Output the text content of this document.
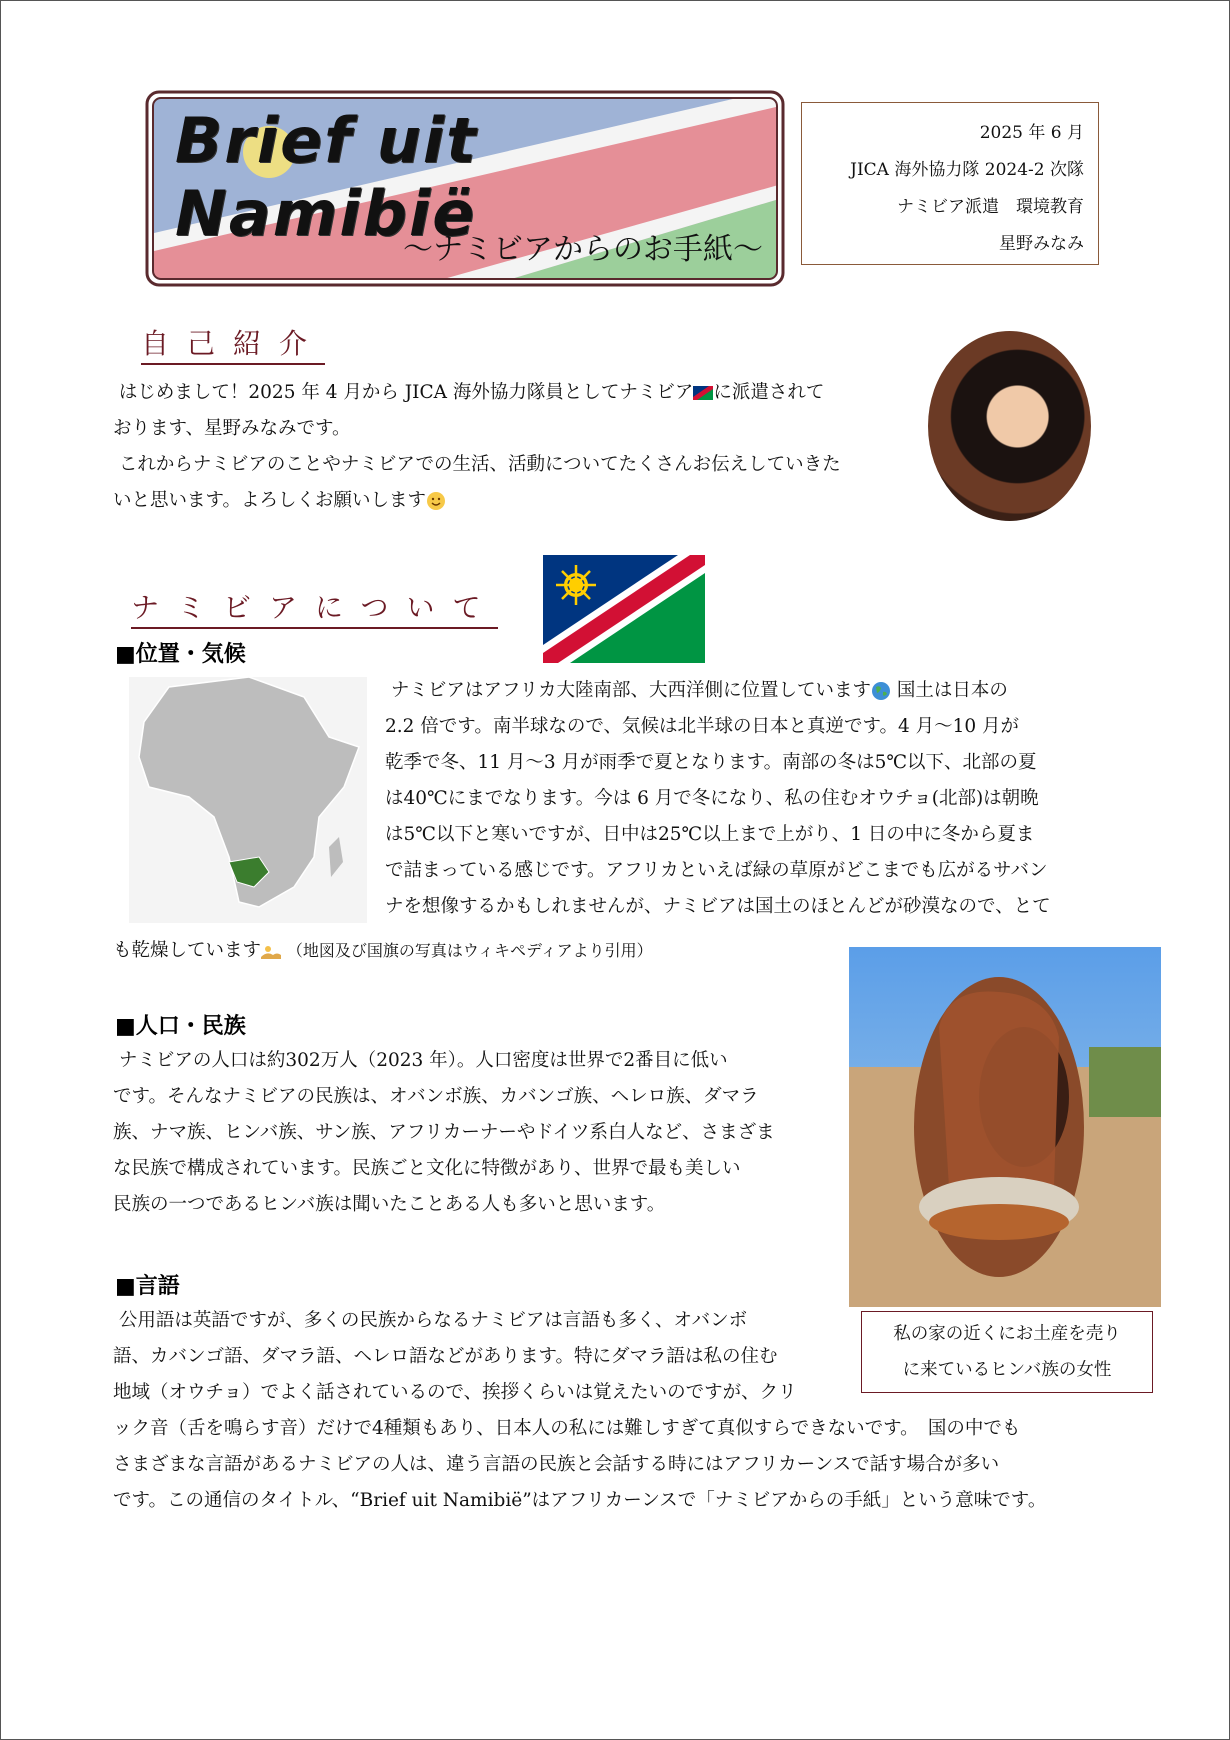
Brief uit Namibië
～ナミビアからのお手紙～
2025 年 6 月
JICA 海外協力隊 2024-2 次隊
ナミビア派遣　環境教育
星野みなみ
自己紹介
はじめまして！2025 年 4 月から JICA 海外協力隊員としてナミビア に派遣されて
おります、星野みなみです。
これからナミビアのことやナミビアでの生活、活動についてたくさんお伝えしていきた
いと思います。よろしくお願いします
ナミビアについて
■位置・気候
ナミビアはアフリカ大陸南部、大西洋側に位置しています 国土は日本の
2.2 倍です。南半球なので、気候は北半球の日本と真逆です。4 月～10 月が
乾季で冬、11 月～3 月が雨季で夏となります。南部の冬は5℃以下、北部の夏
は40℃にまでなります。今は 6 月で冬になり、私の住むオウチョ(北部)は朝晩
は5℃以下と寒いですが、日中は25℃以上まで上がり、1 日の中に冬から夏ま
で詰まっている感じです。アフリカといえば緑の草原がどこまでも広がるサバン
ナを想像するかもしれませんが、ナミビアは国土のほとんどが砂漠なので、とて
も乾燥しています （地図及び国旗の写真はウィキペディアより引用）
私の家の近くにお土産を売り
に来ているヒンバ族の女性
■人口・民族
ナミビアの人口は約302万人（2023 年）。人口密度は世界で2番目に低い
です。そんなナミビアの民族は、オバンボ族、カバンゴ族、ヘレロ族、ダマラ
族、ナマ族、ヒンバ族、サン族、アフリカーナーやドイツ系白人など、さまざま
な民族で構成されています。民族ごと文化に特徴があり、世界で最も美しい
民族の一つであるヒンバ族は聞いたことある人も多いと思います。
■言語
公用語は英語ですが、多くの民族からなるナミビアは言語も多く、オバンボ
語、カバンゴ語、ダマラ語、ヘレロ語などがあります。特にダマラ語は私の住む
地域（オウチョ）でよく話されているので、挨拶くらいは覚えたいのですが、クリ
ック音（舌を鳴らす音）だけで4種類もあり、日本人の私には難しすぎて真似すらできないです。　国の中でも
さまざまな言語があるナミビアの人は、違う言語の民族と会話する時にはアフリカーンスで話す場合が多い
です。この通信のタイトル、“Brief uit Namibië”はアフリカーンスで「ナミビアからの手紙」という意味です。
